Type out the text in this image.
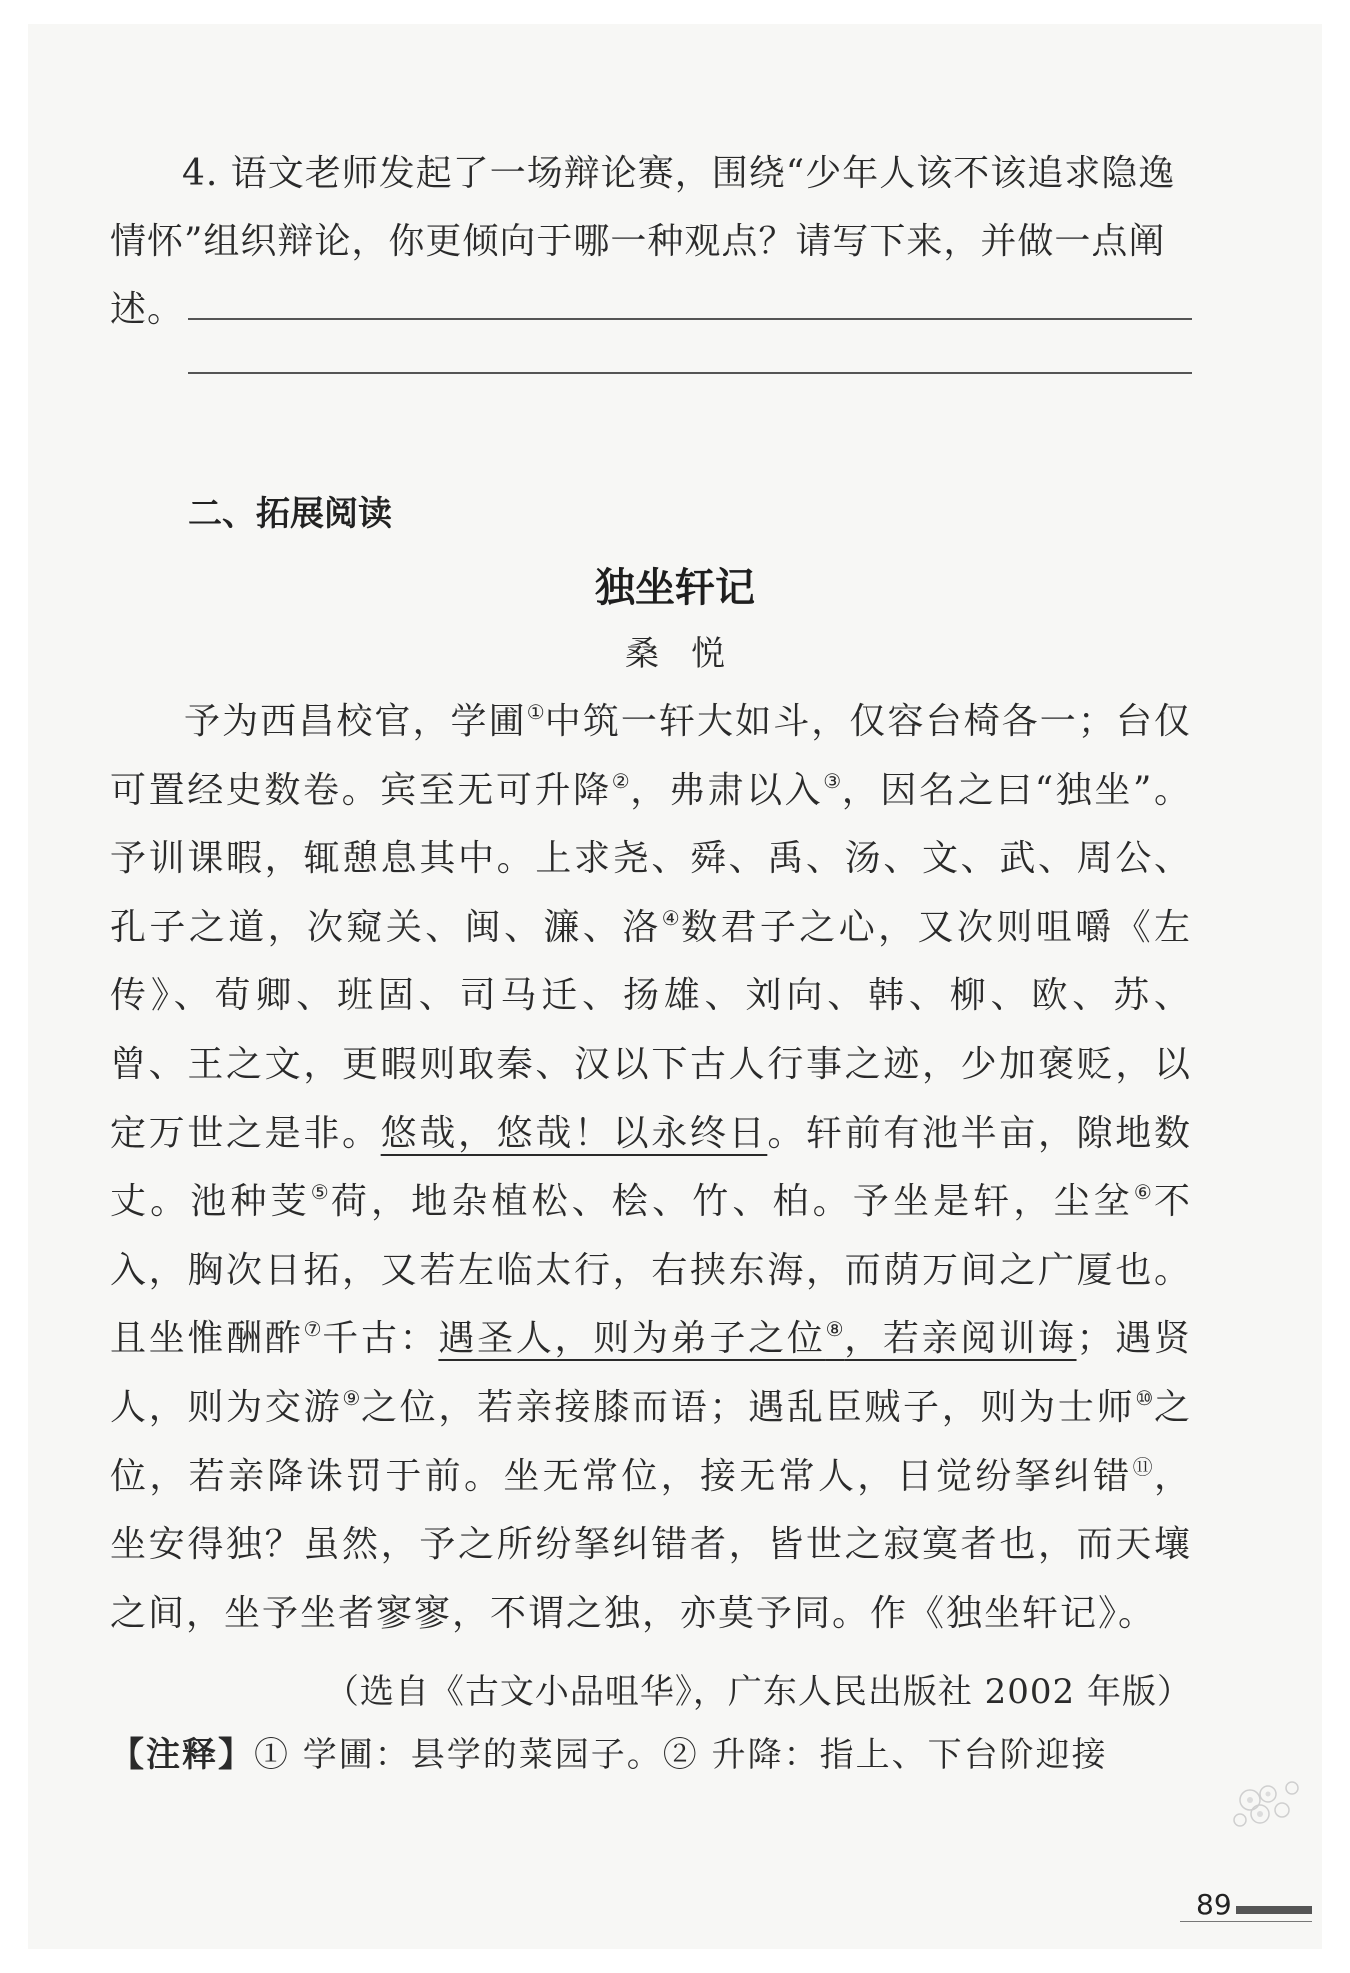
4. 语文老师发起了一场辩论赛，围绕“少年人该不该追求隐逸情怀”组织辩论，你更倾向于哪一种观点？请写下来，并做一点阐述。
二、拓展阅读
独坐轩记
桑悦
予为西昌校官，学圃①中筑一轩大如斗，仅容台椅各一；台仅可置经史数卷。宾至无可升降②，弗肃以入③，因名之曰“独坐”。予训课暇，辄憩息其中。上求尧、舜、禹、汤、文、武、周公、孔子之道，次窥关、闽、濂、洛④数君子之心，又次则咀嚼《左传》、荀卿、班固、司马迁、扬雄、刘向、韩、柳、欧、苏、曾、王之文，更暇则取秦、汉以下古人行事之迹，少加褒贬，以定万世之是非。悠哉，悠哉！以永终日。轩前有池半亩，隙地数丈。池种芰⑤荷，地杂植松、桧、竹、柏。予坐是轩，尘坌⑥不入，胸次日拓，又若左临太行，右挟东海，而荫万间之广厦也。且坐惟酬酢⑦千古：遇圣人，则为弟子之位⑧，若亲阅训诲；遇贤人，则为交游⑨之位，若亲接膝而语；遇乱臣贼子，则为士师⑩之位，若亲降诛罚于前。坐无常位，接无常人，日觉纷拏纠错⑪，坐安得独？虽然，予之所纷拏纠错者，皆世之寂寞者也，而天壤之间，坐予坐者寥寥，不谓之独，亦莫予同。作《独坐轩记》。
（选自《古文小品咀华》，广东人民出版社 2002 年版）
【注释】① 学圃：县学的菜园子。② 升降：指上、下台阶迎接
89
